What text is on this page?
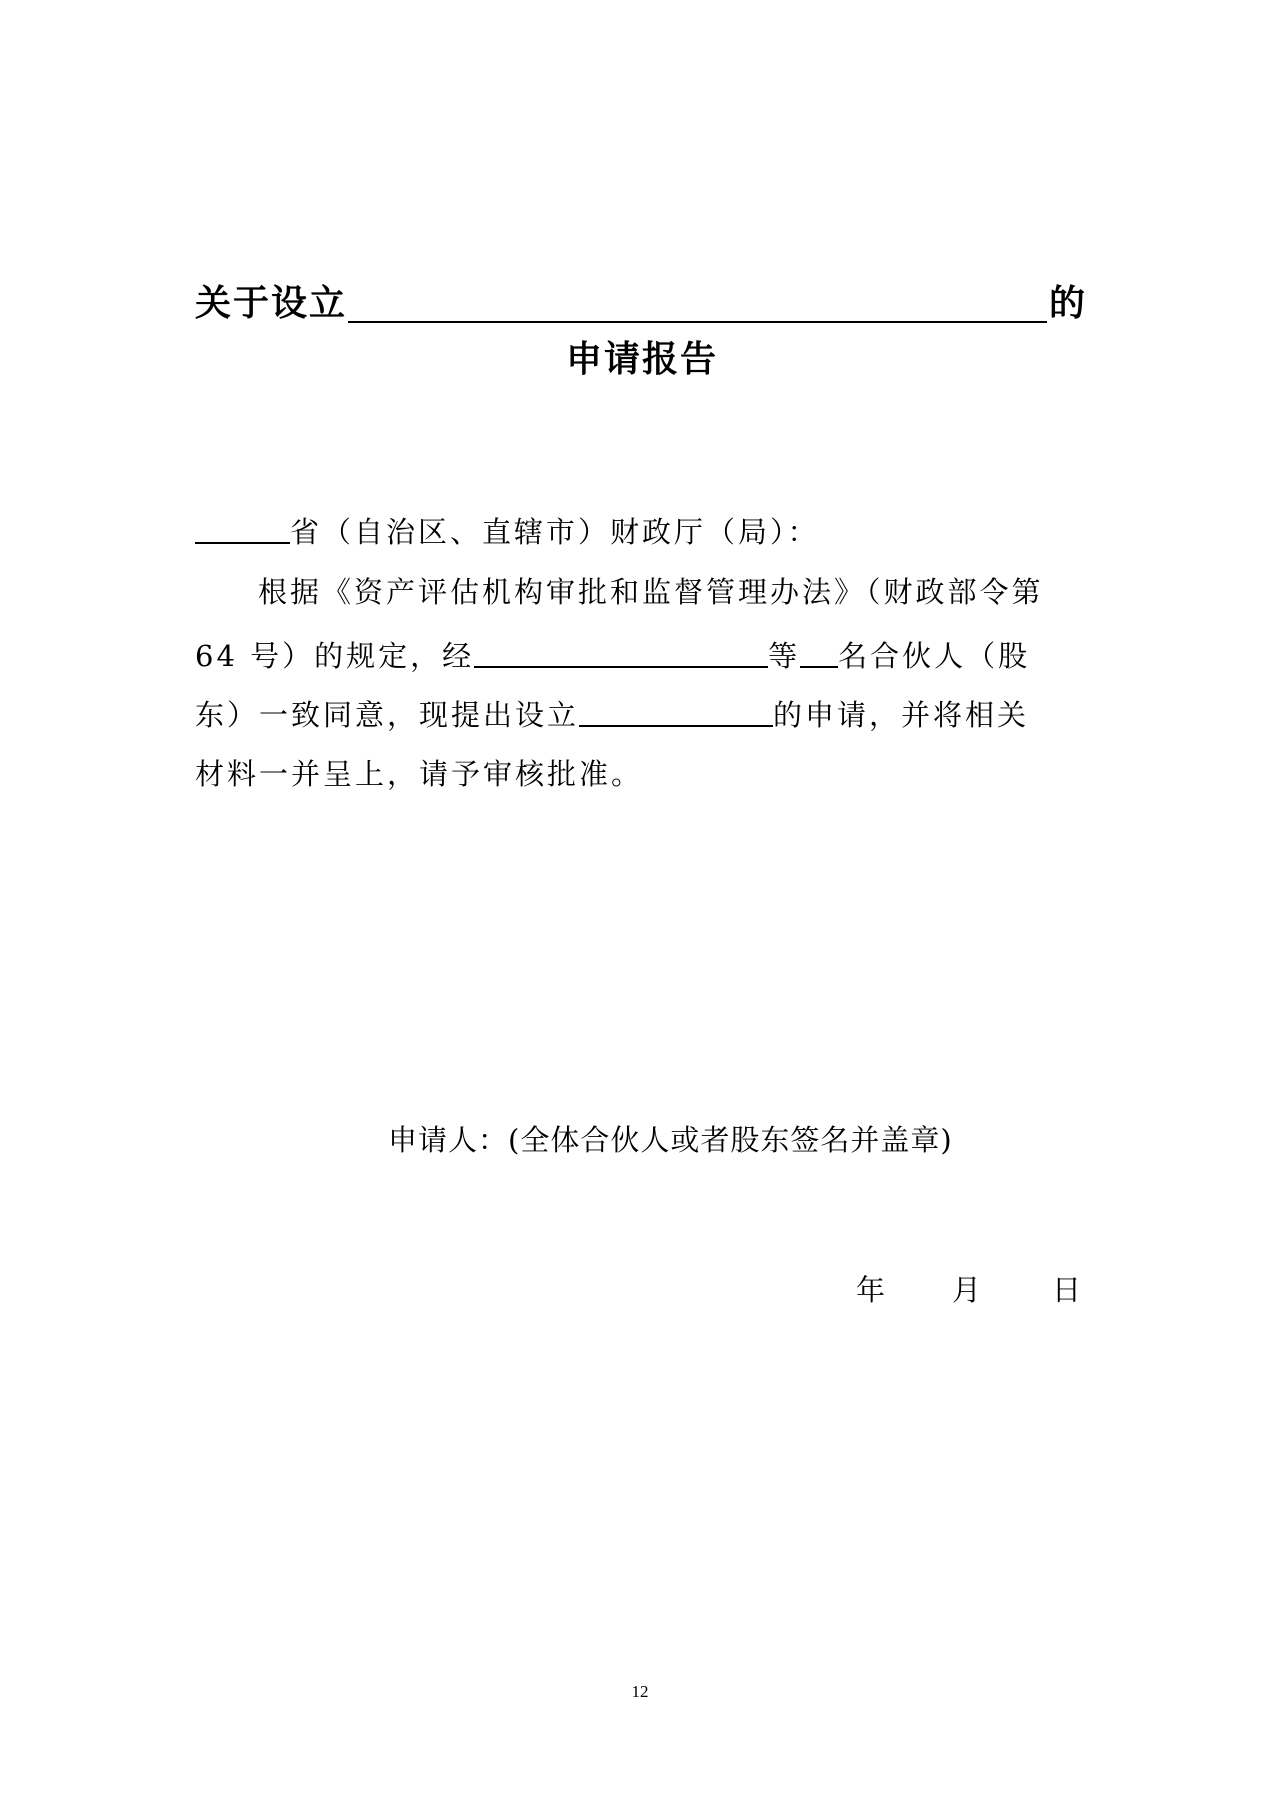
关于设立	的
申请报告
省（自治区、直辖市）财政厅（局）：
根据《资产评估机构审批和监督管理办法》（财政部令第
64 号）的规定，经	等 名合伙人（股
东）一致同意，现提出设立	的申请，并将相关
材料一并呈上，请予审核批准。
申请人：(全体合伙人或者股东签名并盖章)
年 月 日
12
